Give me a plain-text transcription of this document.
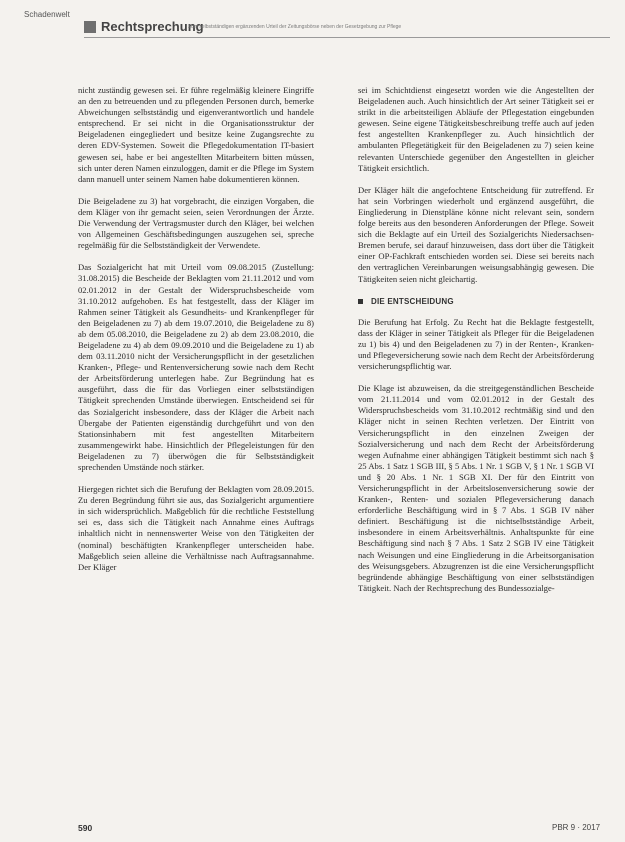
Schadenwelt
Rechtsprechung
Zum selbstständigen ergänzenden Urteil der Zeitungsbörse neben der Gesetzgebung zur Pflege

nicht zuständig gewesen sei. Er führe regelmäßig kleinere Eingriffe an den zu betreuenden und zu pflegenden Personen durch, bemerke Abweichungen selbstständig und eigenverantwortlich und handele entsprechend. Er sei nicht in die Organisationsstruktur der Beigeladenen eingegliedert und besitze keine Zugangsrechte zu deren EDV-Systemen. Soweit die Pflegedokumentation IT-basiert gewesen sei, habe er bei angestellten Mitarbeitern bitten müssen, sich unter deren Namen einzuloggen, damit er die Pflege im System dann manuell unter seinem Namen habe dokumentieren können.

Die Beigeladene zu 3) hat vorgebracht, die einzigen Vorgaben, die dem Kläger von ihr gemacht seien, seien Verordnungen der Ärzte. Die Verwendung der Vertragsmuster durch den Kläger, bei welchen von Allgemeinen Geschäftsbedingungen auszugehen sei, spreche regelmäßig für die Selbstständigkeit der Verwendete.

Das Sozialgericht hat mit Urteil vom 09.08.2015 (Zustellung: 31.08.2015) die Bescheide der Beklagten vom 21.11.2012 und vom 02.01.2012 in der Gestalt der Widerspruchsbescheide vom 31.10.2012 aufgehoben. Es hat festgestellt, dass der Kläger im Rahmen seiner Tätigkeit als Gesundheits- und Krankenpfleger für den Beigeladenen zu 7) ab dem 19.07.2010, die Beigeladene zu 8) ab dem 05.08.2010, die Beigeladene zu 2) ab dem 23.08.2010, die Beigeladene zu 4) ab dem 09.09.2010 und die Beigeladene zu 1) ab dem 03.11.2010 nicht der Versicherungspflicht in der gesetzlichen Kranken-, Pflege- und Rentenversicherung sowie nach dem Recht der Arbeitsförderung unterlegen habe. Zur Begründung hat es ausgeführt, dass die für das Vorliegen einer selbstständigen Tätigkeit sprechenden Umstände überwiegen. Entscheidend sei für das Sozialgericht insbesondere, dass der Kläger die Arbeit nach Übergabe der Patienten eigenständig durchgeführt und von den Stationsinhabern mit fest angestellten Mitarbeitern zusammengewirkt habe. Hinsichtlich der Pflegeleistungen für den Beigeladenen zu 7) überwögen die für Selbstständigkeit sprechenden Umstände noch stärker.

Hiergegen richtet sich die Berufung der Beklagten vom 28.09.2015. Zu deren Begründung führt sie aus, das Sozialgericht argumentiere in sich widersprüchlich. Maßgeblich für die rechtliche Feststellung sei es, dass sich die Tätigkeit nach Annahme eines Auftrags inhaltlich nicht in nennenswerter Weise von den Tätigkeiten der (nominal) beschäftigten Krankenpfleger unterscheiden habe. Maßgeblich seien alleine die Verhältnisse nach Auftragsannahme. Der Kläger

sei im Schichtdienst eingesetzt worden wie die Angestellten der Beigeladenen auch. Auch hinsichtlich der Art seiner Tätigkeit sei er strikt in die arbeitsteiligen Abläufe der Pflegestation eingebunden gewesen. Seine eigene Tätigkeitsbeschreibung treffe auch auf jeden fest angestellten Krankenpfleger zu. Auch hinsichtlich der ambulanten Pflegetätigkeit für den Beigeladenen zu 7) seien keine relevanten Unterschiede gegenüber den Angestellten in gleicher Tätigkeit ersichtlich.

Der Kläger hält die angefochtene Entscheidung für zutreffend. Er hat sein Vorbringen wiederholt und ergänzend ausgeführt, die Eingliederung in Dienstpläne könne nicht relevant sein, sondern folge bereits aus den besonderen Anforderungen der Pflege. Soweit sich die Beklagte auf ein Urteil des Sozialgerichts Niedersachsen-Bremen berufe, sei darauf hinzuweisen, dass dort über die Tätigkeit einer OP-Fachkraft entschieden worden sei. Diese sei bereits nach den vertraglichen Vereinbarungen weisungsabhängig gewesen. Die Tätigkeiten seien nicht gleichartig.

DIE ENTSCHEIDUNG

Die Berufung hat Erfolg. Zu Recht hat die Beklagte festgestellt, dass der Kläger in seiner Tätigkeit als Pfleger für die Beigeladenen zu 1) bis 4) und den Beigeladenen zu 7) in der Renten-, Kranken- und Pflegeversicherung sowie nach dem Recht der Arbeitsförderung versicherungspflichtig war.

Die Klage ist abzuweisen, da die streitgegenständlichen Bescheide vom 21.11.2014 und vom 02.01.2012 in der Gestalt des Widerspruchsbescheids vom 31.10.2012 rechtmäßig sind und den Kläger nicht in seinen Rechten verletzen. Der Eintritt von Versicherungspflicht in den einzelnen Zweigen der Sozialversicherung und nach dem Recht der Arbeitsförderung wegen Aufnahme einer abhängigen Tätigkeit bestimmt sich nach § 25 Abs. 1 Satz 1 SGB III, § 5 Abs. 1 Nr. 1 SGB V, § 1 Nr. 1 SGB VI und § 20 Abs. 1 Nr. 1 SGB XI. Der für den Eintritt von Versicherungspflicht in der Arbeitslosenversicherung sowie der Kranken-, Renten- und sozialen Pflegeversicherung danach erforderliche Beschäftigung wird in § 7 Abs. 1 SGB IV näher definiert. Beschäftigung ist die nichtselbstständige Arbeit, insbesondere in einem Arbeitsverhältnis. Anhaltspunkte für eine Beschäftigung sind nach § 7 Abs. 1 Satz 2 SGB IV eine Tätigkeit nach Weisungen und eine Eingliederung in die Arbeitsorganisation des Weisungsgebers. Abzugrenzen ist die eine Versicherungspflicht begründende abhängige Beschäftigung von einer selbstständigen Tätigkeit. Nach der Rechtsprechung des Bundessozialge-

590	PBR 9 · 2017
